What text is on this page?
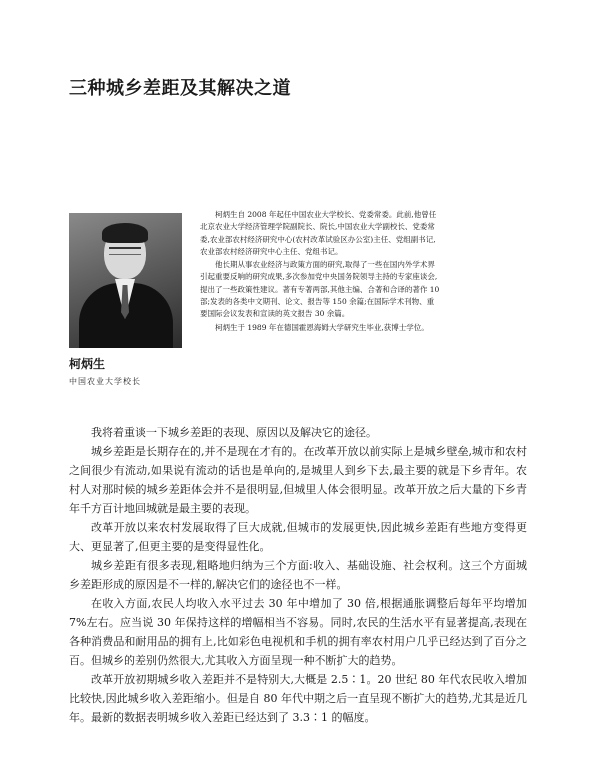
三种城乡差距及其解决之道
柯炳生
中国农业大学校长

柯炳生自 2008 年起任中国农业大学校长、党委常委。此前,他曾任北京农业大学经济管理学院副院长、院长,中国农业大学副校长、党委常委,农业部农村经济研究中心(农村改革试验区办公室)主任、党组副书记,农业部农村经济研究中心主任、党组书记。

他长期从事农业经济与政策方面的研究,取得了一些在国内外学术界引起重要反响的研究成果,多次参加党中央国务院领导主持的专家座谈会,提出了一些政策性建议。著有专著两部,其他主编、合著和合译的著作 10 部;发表的各类中文期刊、论文、报告等 150 余篇;在国际学术刊物、重要国际会议发表和宣读的英文报告 30 余篇。

柯炳生于 1989 年在德国霍恩海姆大学研究生毕业,获博士学位。

我将着重谈一下城乡差距的表现、原因以及解决它的途径。

城乡差距是长期存在的,并不是现在才有的。在改革开放以前实际上是城乡壁垒,城市和农村之间很少有流动,如果说有流动的话也是单向的,是城里人到乡下去,最主要的就是下乡青年。农村人对那时候的城乡差距体会并不是很明显,但城里人体会很明显。改革开放之后大量的下乡青年千方百计地回城就是最主要的表现。

改革开放以来农村发展取得了巨大成就,但城市的发展更快,因此城乡差距有些地方变得更大、更显著了,但更主要的是变得显性化。

城乡差距有很多表现,粗略地归纳为三个方面:收入、基础设施、社会权利。这三个方面城乡差距形成的原因是不一样的,解决它们的途径也不一样。

在收入方面,农民人均收入水平过去 30 年中增加了 30 倍,根据通胀调整后每年平均增加 7%左右。应当说 30 年保持这样的增幅相当不容易。同时,农民的生活水平有显著提高,表现在各种消费品和耐用品的拥有上,比如彩色电视机和手机的拥有率农村用户几乎已经达到了百分之百。但城乡的差别仍然很大,尤其收入方面呈现一种不断扩大的趋势。

改革开放初期城乡收入差距并不是特别大,大概是 2.5∶1。20 世纪 80 年代农民收入增加比较快,因此城乡收入差距缩小。但是自 80 年代中期之后一直呈现不断扩大的趋势,尤其是近几年。最新的数据表明城乡收入差距已经达到了 3.3∶1 的幅度。
